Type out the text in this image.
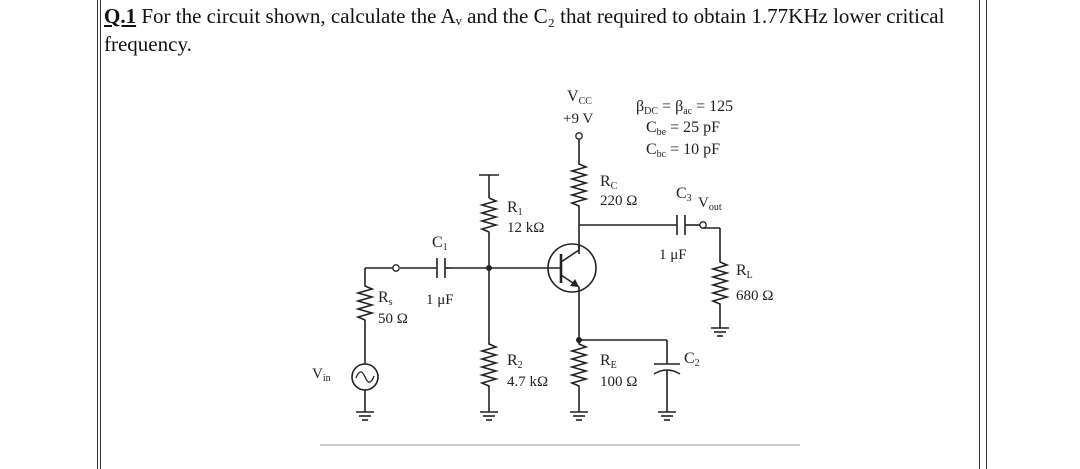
Q.1 For the circuit shown, calculate the Aᵥ and the C₂ that required to obtain 1.77KHz lower critical frequency.
VCC
+9 V
βDC = βac = 125
Cbe = 25 pF
Cbc = 10 pF
RC
220 Ω C3
1 μF
$V_{out}$
R1
12 kΩ
C1
1 μF
Rs
50 Ω
$V_{in}$
R2
4.7 kΩ
RE
100 Ω
C2
RL
680 Ω
